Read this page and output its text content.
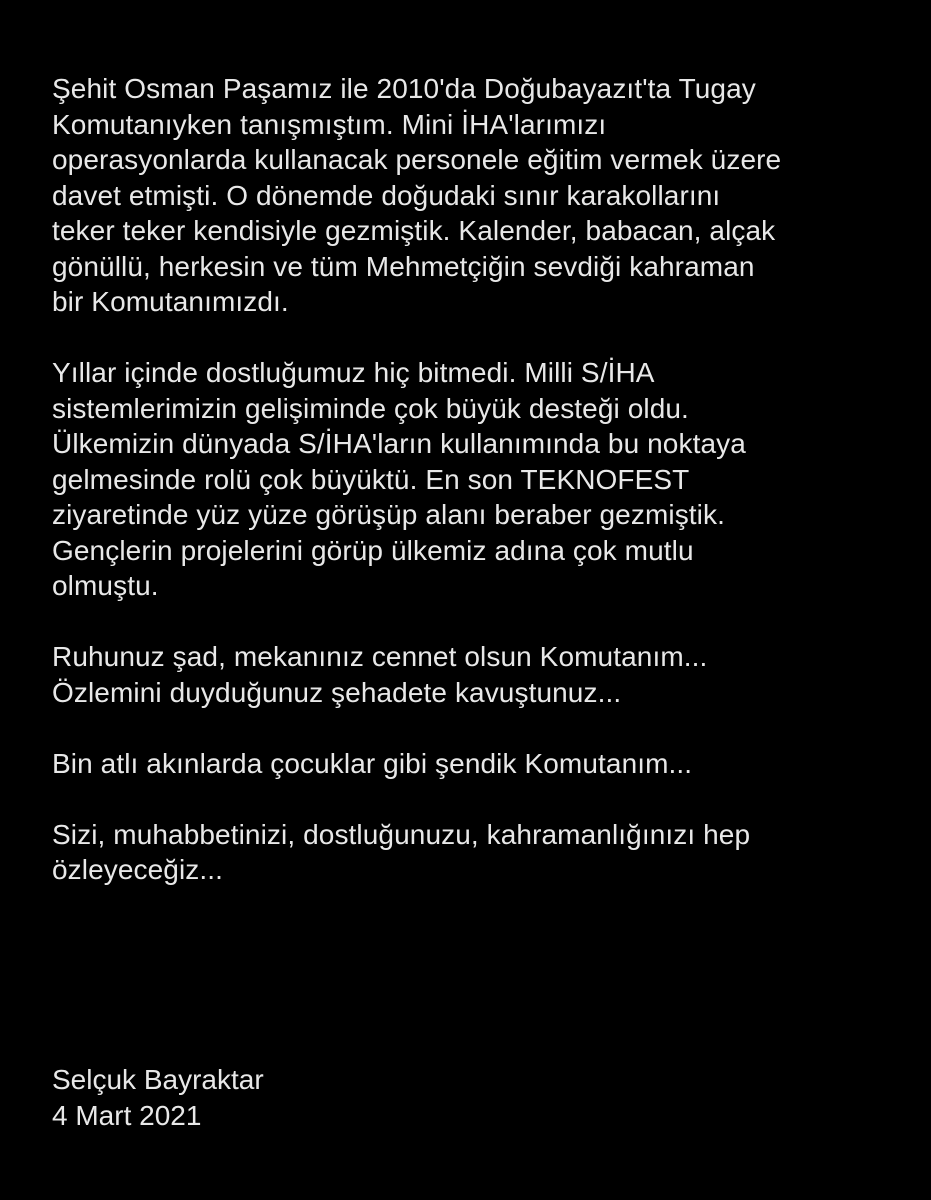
Şehit Osman Paşamız ile 2010'da Doğubayazıt'ta Tugay
Komutanıyken tanışmıştım. Mini İHA'larımızı
operasyonlarda kullanacak personele eğitim vermek üzere
davet etmişti. O dönemde doğudaki sınır karakollarını
teker teker kendisiyle gezmiştik. Kalender, babacan, alçak
gönüllü, herkesin ve tüm Mehmetçiğin sevdiği kahraman
bir Komutanımızdı.
Yıllar içinde dostluğumuz hiç bitmedi. Milli S/İHA
sistemlerimizin gelişiminde çok büyük desteği oldu.
Ülkemizin dünyada S/İHA'ların kullanımında bu noktaya
gelmesinde rolü çok büyüktü. En son TEKNOFEST
ziyaretinde yüz yüze görüşüp alanı beraber gezmiştik.
Gençlerin projelerini görüp ülkemiz adına çok mutlu
olmuştu.
Ruhunuz şad, mekanınız cennet olsun Komutanım...
Özlemini duyduğunuz şehadete kavuştunuz...
Bin atlı akınlarda çocuklar gibi şendik Komutanım...
Sizi, muhabbetinizi, dostluğunuzu, kahramanlığınızı hep
özleyeceğiz...
Selçuk Bayraktar
4 Mart 2021
